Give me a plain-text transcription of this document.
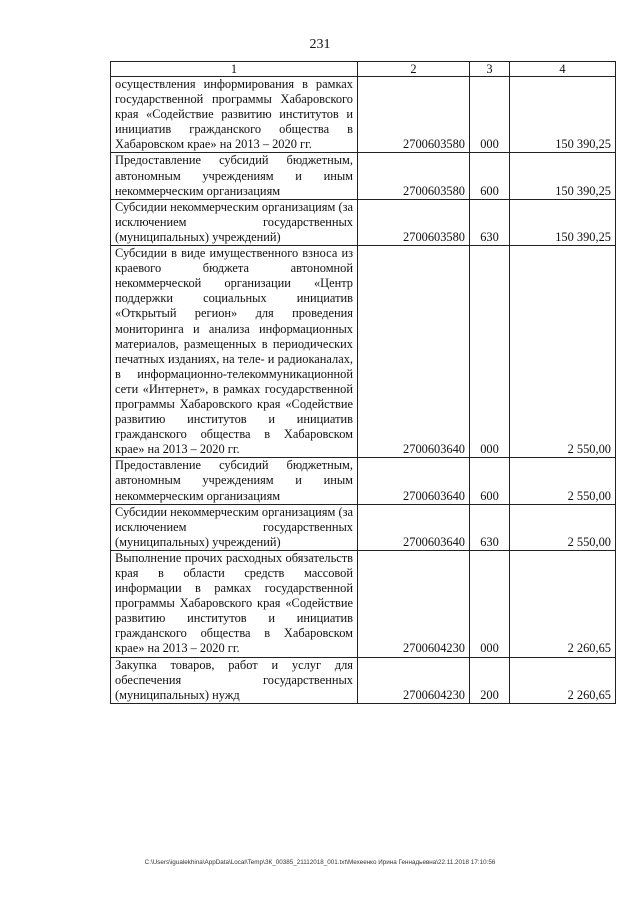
231
1	2	3	4
осуществления информирования в рамках государственной программы Хабаровского края «Содействие развитию институтов и инициатив гражданского общества в Хабаровском крае» на 2013 – 2020 гг.	2700603580	000	150 390,25
Предоставление субсидий бюджетным, автономным учреждениям и иным некоммерческим организациям	2700603580	600	150 390,25
Субсидии некоммерческим организациям (за исключением государственных (муниципальных) учреждений)	2700603580	630	150 390,25
Субсидии в виде имущественного взноса из краевого бюджета автономной некоммерческой организации «Центр поддержки социальных инициатив «Открытый регион» для проведения мониторинга и анализа информационных материалов, размещенных в периодических печатных изданиях, на теле- и радиоканалах, в информационно-телекоммуникационной сети «Интернет», в рамках государственной программы Хабаровского края «Содействие развитию институтов и инициатив гражданского общества в Хабаровском крае» на 2013 – 2020 гг.	2700603640	000	2 550,00
Предоставление субсидий бюджетным, автономным учреждениям и иным некоммерческим организациям	2700603640	600	2 550,00
Субсидии некоммерческим организациям (за исключением государственных (муниципальных) учреждений)	2700603640	630	2 550,00
Выполнение прочих расходных обязательств края в области средств массовой информации в рамках государственной программы Хабаровского края «Содействие развитию институтов и инициатив гражданского общества в Хабаровском крае» на 2013 – 2020 гг.	2700604230	000	2 260,65
Закупка товаров, работ и услуг для обеспечения государственных (муниципальных) нужд	2700604230	200	2 260,65
C:\Users\igualekhina\AppData\Local\Temp\ЗК_00385_21112018_001.txt\Мехеенко Ирина Геннадьевна\22.11.2018 17:10:56
